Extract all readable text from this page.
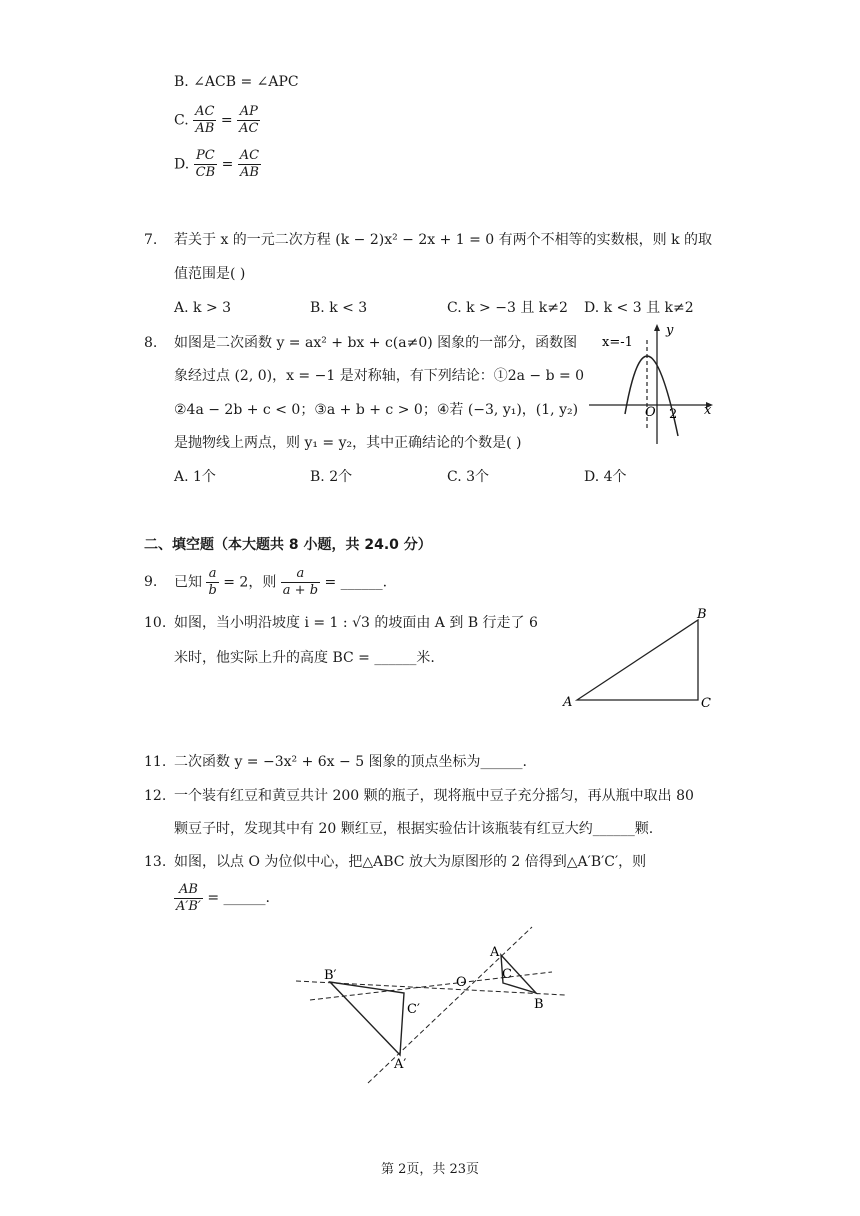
B. ∠ACB = ∠APC
C. $\frac{AC}{AB} = \frac{AP}{AC}$
D. $\frac{PC}{CB} = \frac{AC}{AB}$
7. 若关于 x 的一元二次方程 (k − 2)x² − 2x + 1 = 0 有两个不相等的实数根，则 k 的取
值范围是( )
A. k > 3	B. k < 3	C. k > −3 且 k≠2 D. k < 3 且 k≠2
8. 如图是二次函数 y = ax² + bx + c(a≠0) 图象的一部分，函数图
象经过点 (2, 0)，x = −1 是对称轴，有下列结论：①2a − b = 0
②4a − 2b + c < 0；③a + b + c > 0；④若 (−3, y₁)，(1, y₂)
是抛物线上两点，则 y₁ = y₂，其中正确结论的个数是( )
A. 1个	B. 2个	C. 3个	D. 4个
x=-1
y
x
O 2
二、填空题（本大题共 8 小题，共 24.0 分）
9. 已知 $\frac{a}{b} = 2$，则 $\frac{a}{a + b}$ = ______.
10. 如图，当小明沿坡度 i = 1 : √3 的坡面由 A 到 B 行走了 6
米时，他实际上升的高度 BC = ______米.
B
A	C
11. 二次函数 y = −3x² + 6x − 5 图象的顶点坐标为______.
12. 一个装有红豆和黄豆共计 200 颗的瓶子，现将瓶中豆子充分摇匀，再从瓶中取出 80
颗豆子时，发现其中有 20 颗红豆，根据实验估计该瓶装有红豆大约______颗.
13. 如图，以点 O 为位似中心，把△ABC 放大为原图形的 2 倍得到△A′B′C′，则
$\frac{AB}{A'B'}$ = ______.
B′
C′
A′
O
A
C
B
第 2页，共 23页
